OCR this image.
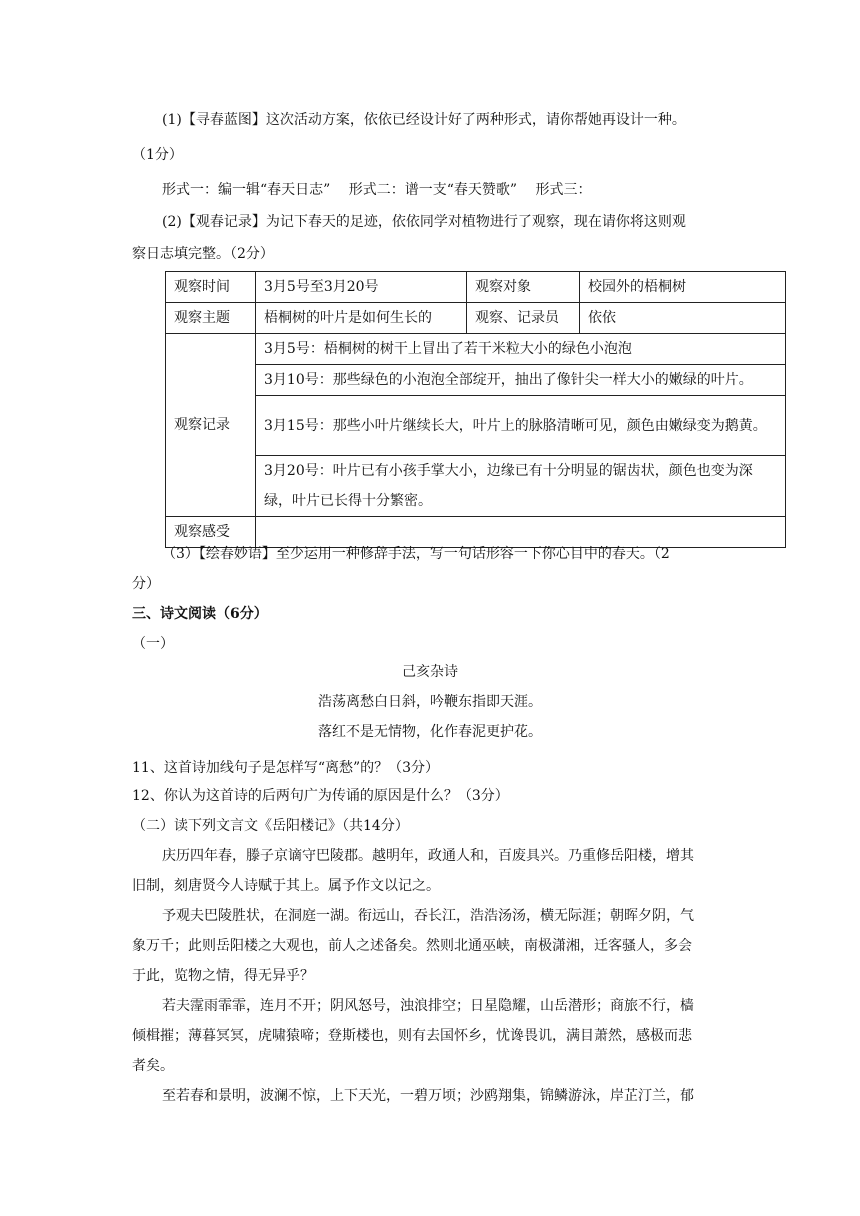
(1)【寻春蓝图】这次活动方案，依依已经设计好了两种形式，请你帮她再设计一种。
（1分）
形式一：编一辑“春天日志”　 形式二：谱一支“春天赞歌”　 形式三：
(2)【观春记录】为记下春天的足迹，依依同学对植物进行了观察，现在请你将这则观
察日志填完整。（2分）
观察时间	3月5号至3月20号	观察对象	校园外的梧桐树
观察主题	梧桐树的叶片是如何生长的	观察、记录员	依依
观察记录	3月5号：梧桐树的树干上冒出了若干米粒大小的绿色小泡泡		
	3月10号：那些绿色的小泡泡全部绽开，抽出了像针尖一样大小的嫩绿的叶片。		
	3月15号：那些小叶片继续长大，叶片上的脉胳清晰可见，颜色由嫩绿变为鹅黄。		
	3月20号：叶片已有小孩手掌大小，边缘已有十分明显的锯齿状，颜色也变为深绿，叶片已长得十分繁密。		
观察感受			
（3）【绘春妙语】至少运用一种修辞手法，写一句话形容一下你心目中的春天。（2
分）
三、诗文阅读（6分）
（一）
己亥杂诗
浩荡离愁白日斜，吟鞭东指即天涯。
落红不是无情物，化作春泥更护花。
11、这首诗加线句子是怎样写“离愁”的？（3分）
12、你认为这首诗的后两句广为传诵的原因是什么？（3分）
（二）读下列文言文《岳阳楼记》（共14分）
庆历四年春，滕子京谪守巴陵郡。越明年，政通人和，百废具兴。乃重修岳阳楼，增其
旧制，刻唐贤今人诗赋于其上。属予作文以记之。
予观夫巴陵胜状，在洞庭一湖。衔远山，吞长江，浩浩汤汤，横无际涯；朝晖夕阴，气
象万千；此则岳阳楼之大观也，前人之述备矣。然则北通巫峡，南极潇湘，迁客骚人，多会
于此，览物之情，得无异乎？
若夫霪雨霏霏，连月不开；阴风怒号，浊浪排空；日星隐耀，山岳潜形；商旅不行，樯
倾楫摧；薄暮冥冥，虎啸猿啼；登斯楼也，则有去国怀乡，忧谗畏讥，满目萧然，感极而悲
者矣。
至若春和景明，波澜不惊，上下天光，一碧万顷；沙鸥翔集，锦鳞游泳，岸芷汀兰，郁
